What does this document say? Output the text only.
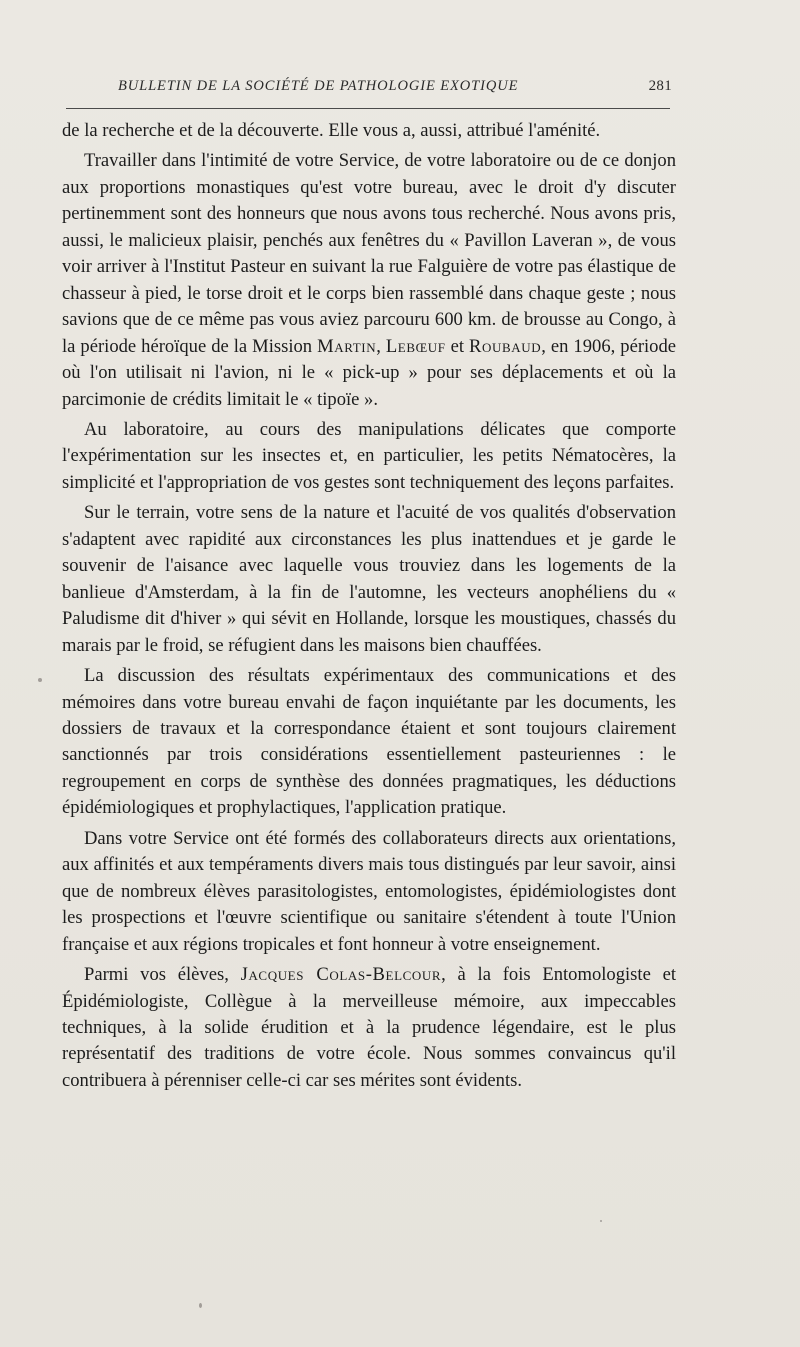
BULLETIN DE LA SOCIÉTÉ DE PATHOLOGIE EXOTIQUE	281

de la recherche et de la découverte. Elle vous a, aussi, attribué l'aménité.

Travailler dans l'intimité de votre Service, de votre laboratoire ou de ce donjon aux proportions monastiques qu'est votre bureau, avec le droit d'y discuter pertinemment sont des honneurs que nous avons tous recherché. Nous avons pris, aussi, le malicieux plaisir, penchés aux fenêtres du « Pavillon Laveran », de vous voir arriver à l'Institut Pasteur en suivant la rue Falguière de votre pas élastique de chasseur à pied, le torse droit et le corps bien rassemblé dans chaque geste ; nous savions que de ce même pas vous aviez parcouru 600 km. de brousse au Congo, à la période héroïque de la Mission Martin, Lebœuf et Roubaud, en 1906, période où l'on utilisait ni l'avion, ni le « pick-up » pour ses déplacements et où la parcimonie de crédits limitait le « tipoïe ».

Au laboratoire, au cours des manipulations délicates que comporte l'expérimentation sur les insectes et, en particulier, les petits Nématocères, la simplicité et l'appropriation de vos gestes sont techniquement des leçons parfaites.

Sur le terrain, votre sens de la nature et l'acuité de vos qualités d'observation s'adaptent avec rapidité aux circonstances les plus inattendues et je garde le souvenir de l'aisance avec laquelle vous trouviez dans les logements de la banlieue d'Amsterdam, à la fin de l'automne, les vecteurs anophéliens du « Paludisme dit d'hiver » qui sévit en Hollande, lorsque les moustiques, chassés du marais par le froid, se réfugient dans les maisons bien chauffées.

La discussion des résultats expérimentaux des communications et des mémoires dans votre bureau envahi de façon inquiétante par les documents, les dossiers de travaux et la correspondance étaient et sont toujours clairement sanctionnés par trois considérations essentiellement pasteuriennes : le regroupement en corps de synthèse des données pragmatiques, les déductions épidémiologiques et prophylactiques, l'application pratique.

Dans votre Service ont été formés des collaborateurs directs aux orientations, aux affinités et aux tempéraments divers mais tous distingués par leur savoir, ainsi que de nombreux élèves parasitologistes, entomologistes, épidémiologistes dont les prospections et l'œuvre scientifique ou sanitaire s'étendent à toute l'Union française et aux régions tropicales et font honneur à votre enseignement.

Parmi vos élèves, Jacques Colas-Belcour, à la fois Entomologiste et Épidémiologiste, Collègue à la merveilleuse mémoire, aux impeccables techniques, à la solide érudition et à la prudence légendaire, est le plus représentatif des traditions de votre école. Nous sommes convaincus qu'il contribuera à pérenniser celle-ci car ses mérites sont évidents.
